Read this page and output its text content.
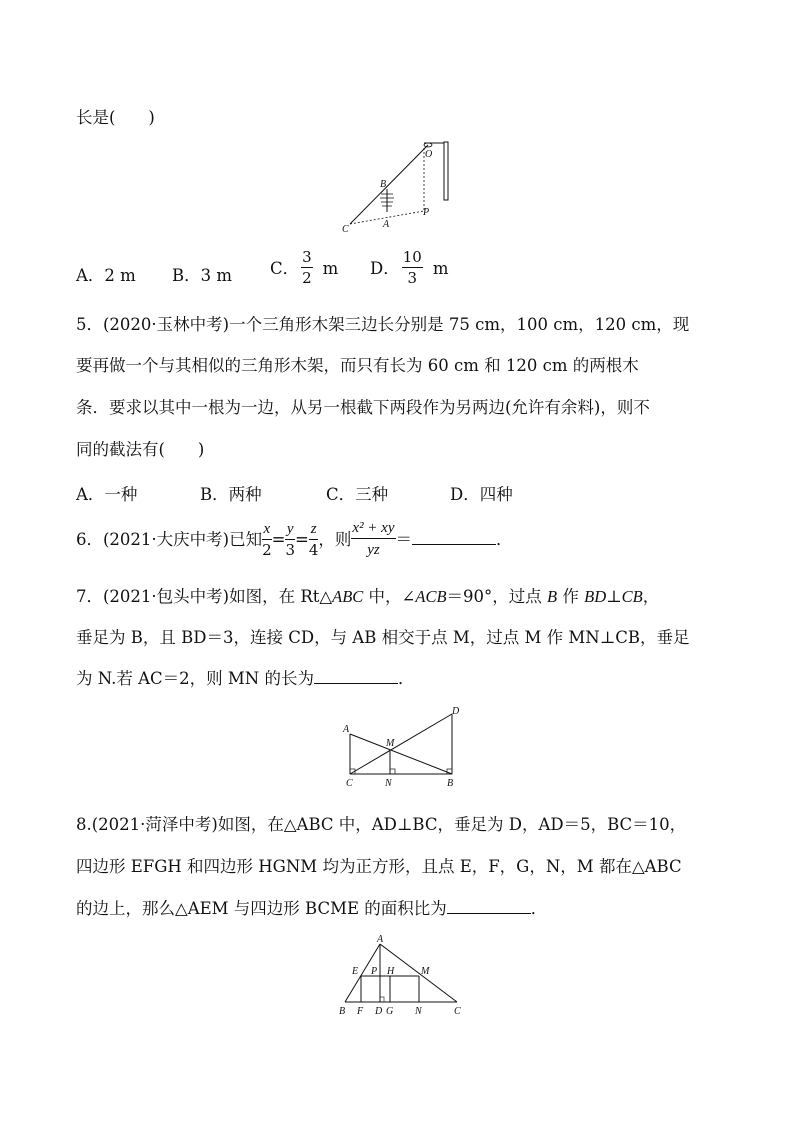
长是(　　)
O
B
P
C	A
A．2 m B．3 m C． $\frac{3}{2}$ m D． $\frac{10}{3}$ m
5．(2020·玉林中考)一个三角形木架三边长分别是 75 cm，100 cm，120 cm，现
要再做一个与其相似的三角形木架，而只有长为 60 cm 和 120 cm 的两根木
条．要求以其中一根为一边，从另一根截下两段作为另两边(允许有余料)，则不
同的截法有(　　)
A．一种	B．两种	C．三种	D．四种
6．(2021·大庆中考)已知 $\frac{x}{2} = \frac{y}{3} = \frac{z}{4}$ ，则 $\frac{\text{x² + xy}}{yz}$ ＝	．
7．(2021·包头中考)如图，在 Rt△ABC 中，∠ACB＝90°，过点 B 作 BD⊥CB，
垂足为 B，且 BD＝3，连接 CD，与 AB 相交于点 M，过点 M 作 MN⊥CB，垂足
为 N.若 AC＝2，则 MN 的长为	．
A
D
M
C	N	B
8.(2021·菏泽中考)如图，在△ABC 中，AD⊥BC，垂足为 D，AD＝5，BC＝10，
四边形 EFGH 和四边形 HGNM 均为正方形，且点 E，F，G，N，M 都在△ABC
的边上，那么△AEM 与四边形 BCME 的面积比为	．
A
E P H	M
B F D G N	C
